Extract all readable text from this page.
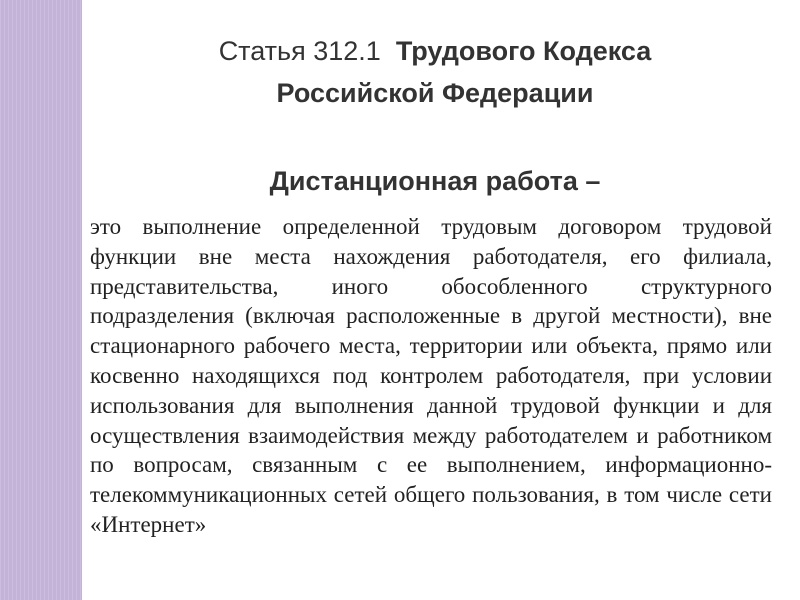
Статья 312.1 Трудового Кодекса
Российской Федерации
Дистанционная работа –

это выполнение определенной трудовым договором трудовой функции вне места нахождения работодателя, его филиала, представительства, иного обособленного структурного подразделения (включая расположенные в другой местности), вне стационарного рабочего места, территории или объекта, прямо или косвенно находящихся под контролем работодателя, при условии использования для выполнения данной трудовой функции и для осуществления взаимодействия между работодателем и работником по вопросам, связанным с ее выполнением, информационно-телекоммуникационных сетей общего пользования, в том числе сети «Интернет»
